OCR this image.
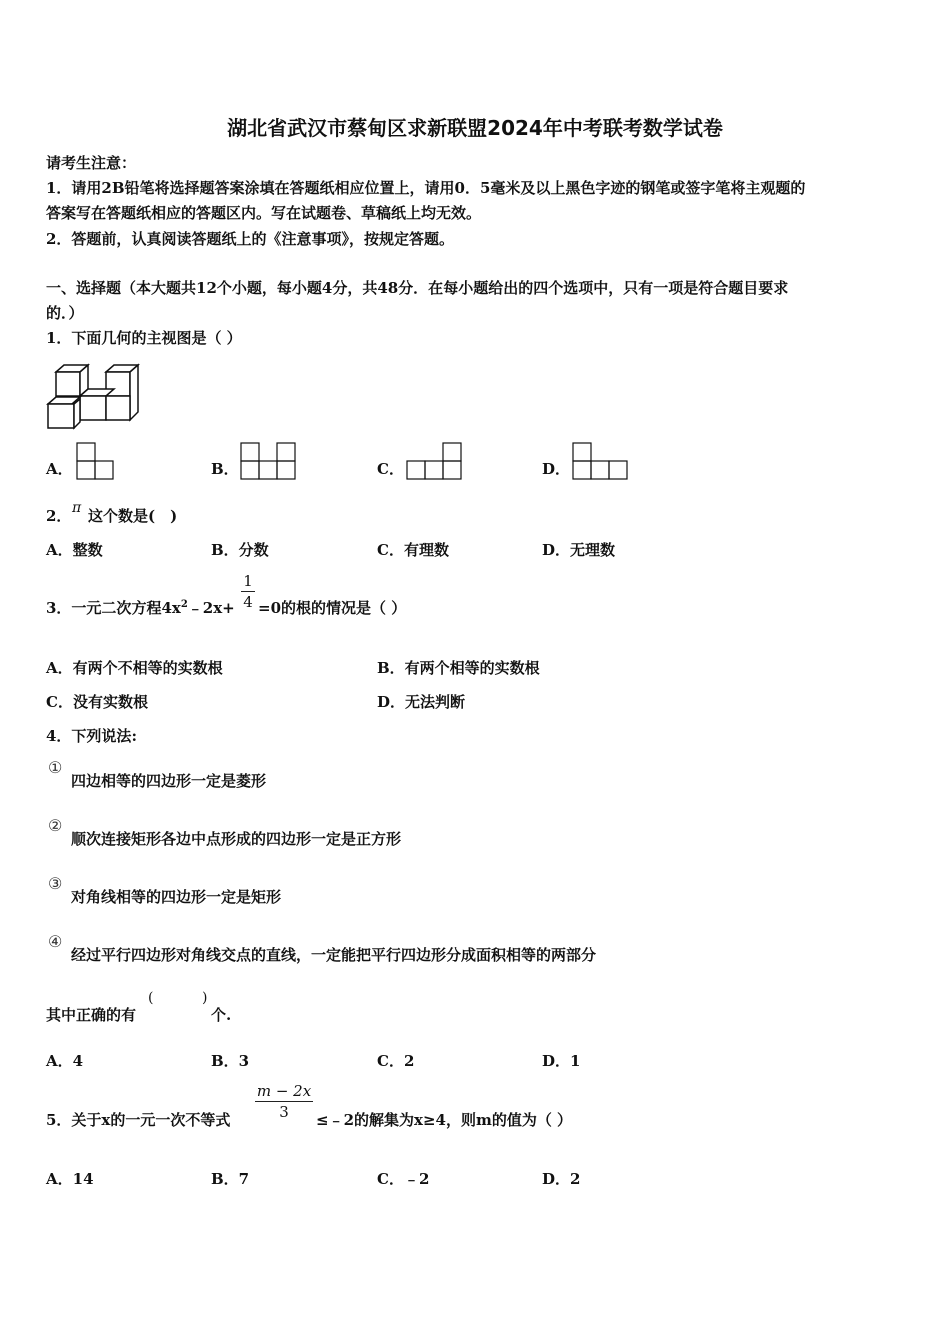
湖北省武汉市蔡甸区求新联盟2024年中考联考数学试卷
请考生注意：
1．请用2B铅笔将选择题答案涂填在答题纸相应位置上，请用0．5毫米及以上黑色字迹的钢笔或签字笔将主观题的
答案写在答题纸相应的答题区内。写在试题卷、草稿纸上均无效。
2．答题前，认真阅读答题纸上的《注意事项》，按规定答题。
一、选择题（本大题共12个小题，每小题4分，共48分．在每小题给出的四个选项中，只有一项是符合题目要求
的．）
1．下面几何的主视图是（ ）
A．	B．	C．	D．
2． π 这个数是(　)
A．整数	B．分数	C．有理数	D．无理数
3．一元二次方程$4x^2﹣2x+$
1
4 =0的根的情况是（ ）
A．有两个不相等的实数根	B．有两个相等的实数根
C．没有实数根	D．无法判断
4．下列说法:
①
四边相等的四边形一定是菱形
②
顺次连接矩形各边中点形成的四边形一定是正方形
③
对角线相等的四边形一定是矩形
④
经过平行四边形对角线交点的直线，一定能把平行四边形分成面积相等的两部分
其中正确的有
(	)
个.
A．4	B．3	C．2	D．1
5．关于x的一元一次不等式
m − 2x
3	≤﹣2的解集为x≥4，则m的值为（ ）
A．14	B．7	C．﹣2	D．2
